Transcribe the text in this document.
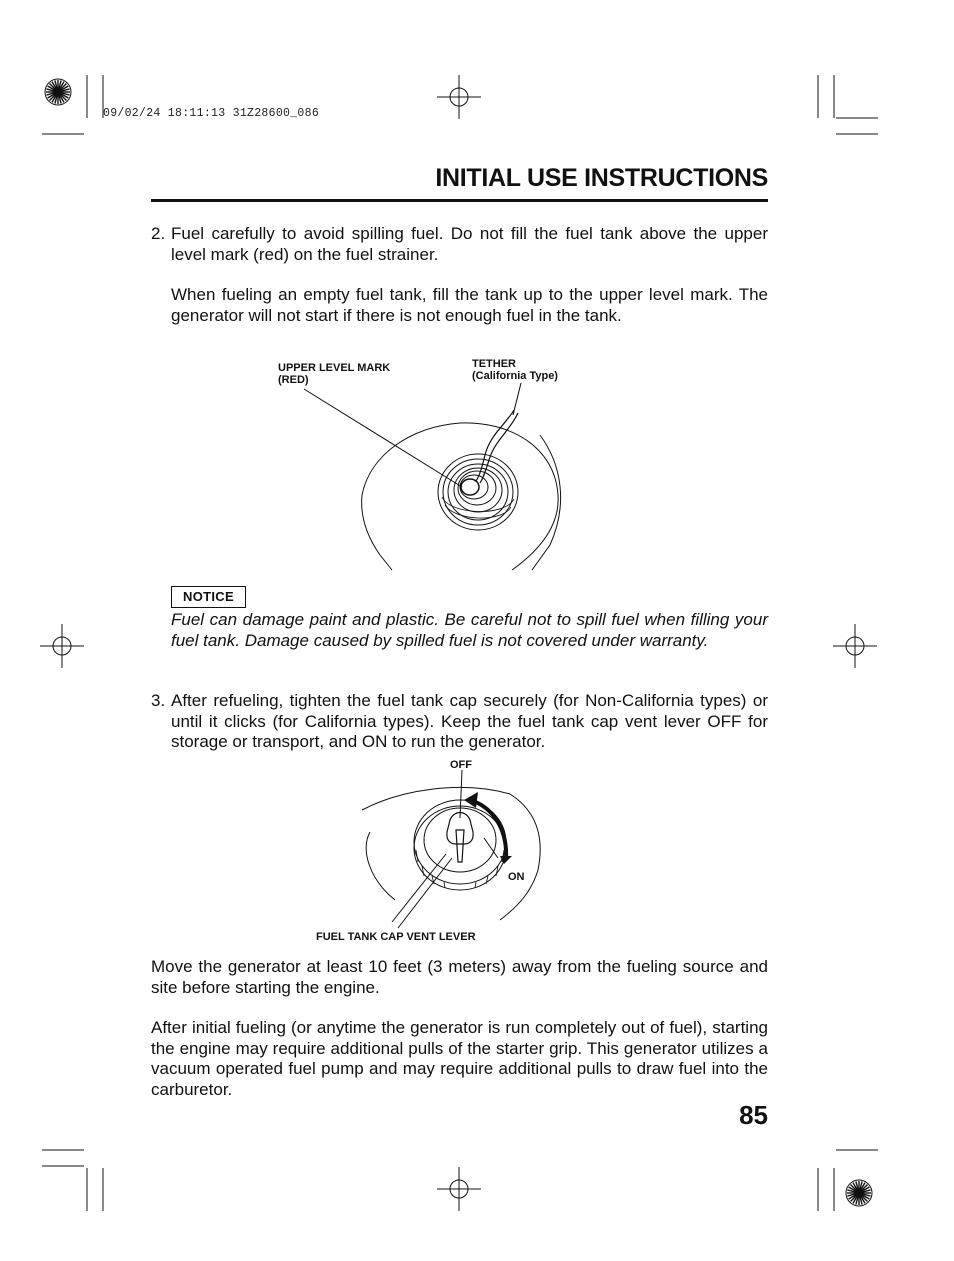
09/02/24 18:11:13 31Z28600_086
INITIAL USE INSTRUCTIONS
2. Fuel carefully to avoid spilling fuel. Do not fill the fuel tank above the upper level mark (red) on the fuel strainer.

When fueling an empty fuel tank, fill the tank up to the upper level mark. The generator will not start if there is not enough fuel in the tank.

UPPER LEVEL MARK
(RED)
TETHER
(California Type)
NOTICE

Fuel can damage paint and plastic. Be careful not to spill fuel when filling your fuel tank. Damage caused by spilled fuel is not covered under warranty.

3. After refueling, tighten the fuel tank cap securely (for Non-California types) or until it clicks (for California types). Keep the fuel tank cap vent lever OFF for storage or transport, and ON to run the generator.

OFF
ON
FUEL TANK CAP VENT LEVER

Move the generator at least 10 feet (3 meters) away from the fueling source and site before starting the engine.

After initial fueling (or anytime the generator is run completely out of fuel), starting the engine may require additional pulls of the starter grip. This generator utilizes a vacuum operated fuel pump and may require additional pulls to draw fuel into the carburetor.

85
